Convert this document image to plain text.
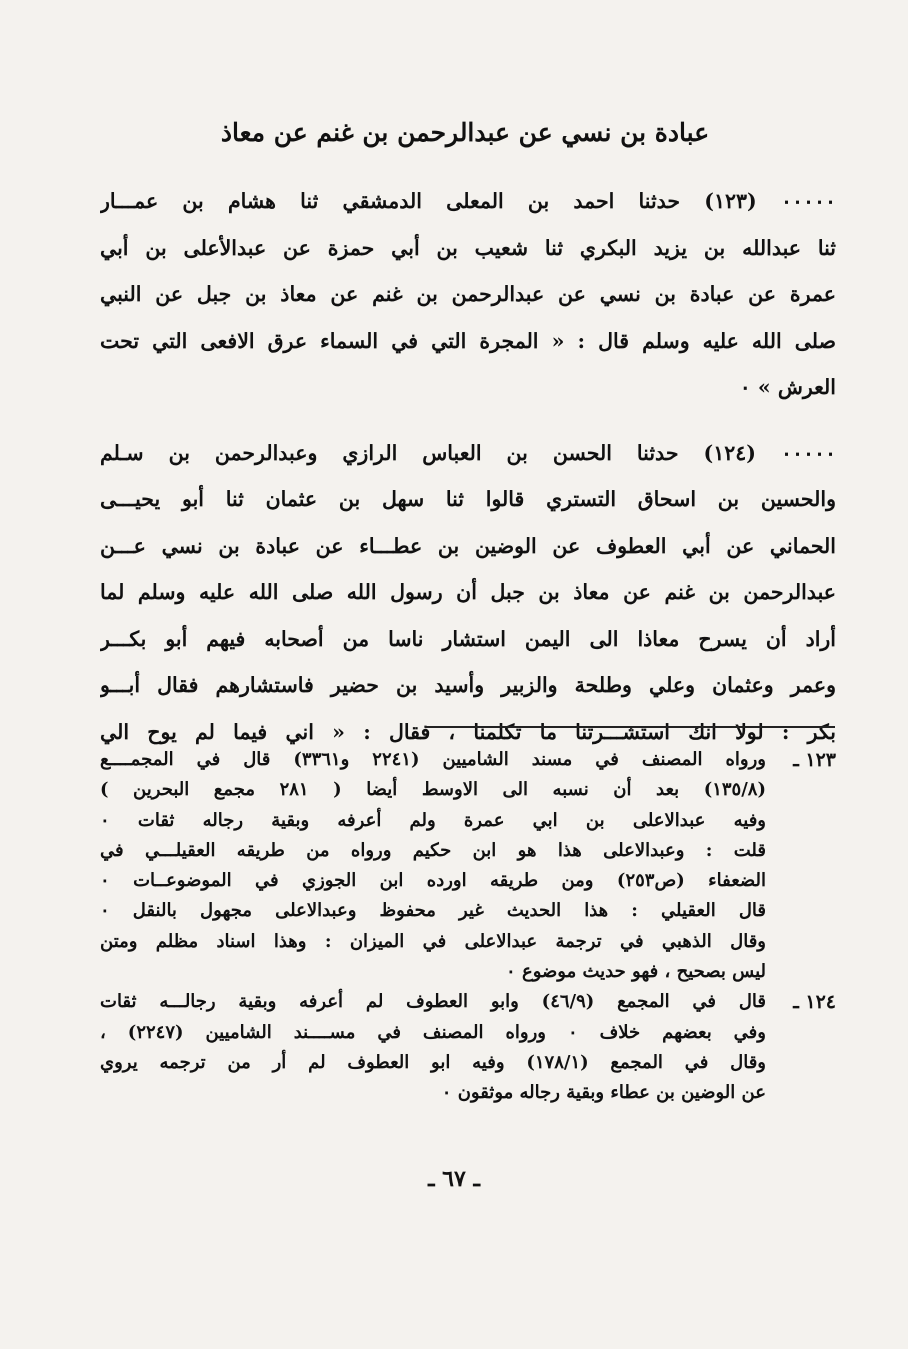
عبادة بن نسي عن عبدالرحمن بن غنم عن معاذ
٠٠٠٠٠ (١٢٣) حدثنا احمد بن المعلى الدمشقي ثنا هشام بن عمـــار
ثنا عبدالله بن يزيد البكري ثنا شعيب بن أبي حمزة عن عبدالأعلى بن أبي
عمرة عن عبادة بن نسي عن عبدالرحمن بن غنم عن معاذ بن جبل عن النبي
صلى الله عليه وسلم قال : « المجرة التي في السماء عرق الافعى التي تحت
العرش » ٠
٠٠٠٠٠ (١٢٤) حدثنا الحسن بن العباس الرازي وعبدالرحمن بن سـلم
والحسين بن اسحاق التستري قالوا ثنا سهل بن عثمان ثنا أبو يحيـــى
الحماني عن أبي العطوف عن الوضين بن عطـــاء عن عبادة بن نسي عـــن
عبدالرحمن بن غنم عن معاذ بن جبل أن رسول الله صلى الله عليه وسلم لما
أراد أن يسرح معاذا الى اليمن استشار ناسا من أصحابه فيهم أبو بكـــر
وعمر وعثمان وعلي وطلحة والزبير وأسيد بن حضير فاستشارهم فقال أبـــو
بكر : لولا انك استشـــرتنا ما تكلمنا ، فقال : « اني فيما لم يوح الي
١٢٣ ـ
ورواه المصنف في مسند الشاميين (٢٢٤١ و٣٣٦١) قال في المجمــــع
(١٣٥/٨) بعد أن نسبه الى الاوسط أيضا ( ٢٨١ مجمع البحرين )
وفيه عبدالاعلى بن ابي عمرة ولم أعرفه وبقية رجاله ثقات ٠
قلت : وعبدالاعلى هذا هو ابن حكيم ورواه من طريقه العقيلـــي في
الضعفاء (ص٢٥٣) ومن طريقه اورده ابن الجوزي في الموضوعــات ٠
قال العقيلي : هذا الحديث غير محفوظ وعبدالاعلى مجهول بالنقل ٠
وقال الذهبي في ترجمة عبدالاعلى في الميزان : وهذا اسناد مظلم ومتن
ليس بصحيح ، فهو حديث موضوع ٠
١٢٤ ـ
قال في المجمع (٤٦/٩) وابو العطوف لم أعرفه وبقية رجالـــه ثقات
وفي بعضهم خلاف ٠ ورواه المصنف في مســــند الشاميين (٢٢٤٧) ،
وقال في المجمع (١٧٨/١) وفيه ابو العطوف لم أر من ترجمه يروي
عن الوضين بن عطاء وبقية رجاله موثقون ٠
ـ ٦٧ ـ
